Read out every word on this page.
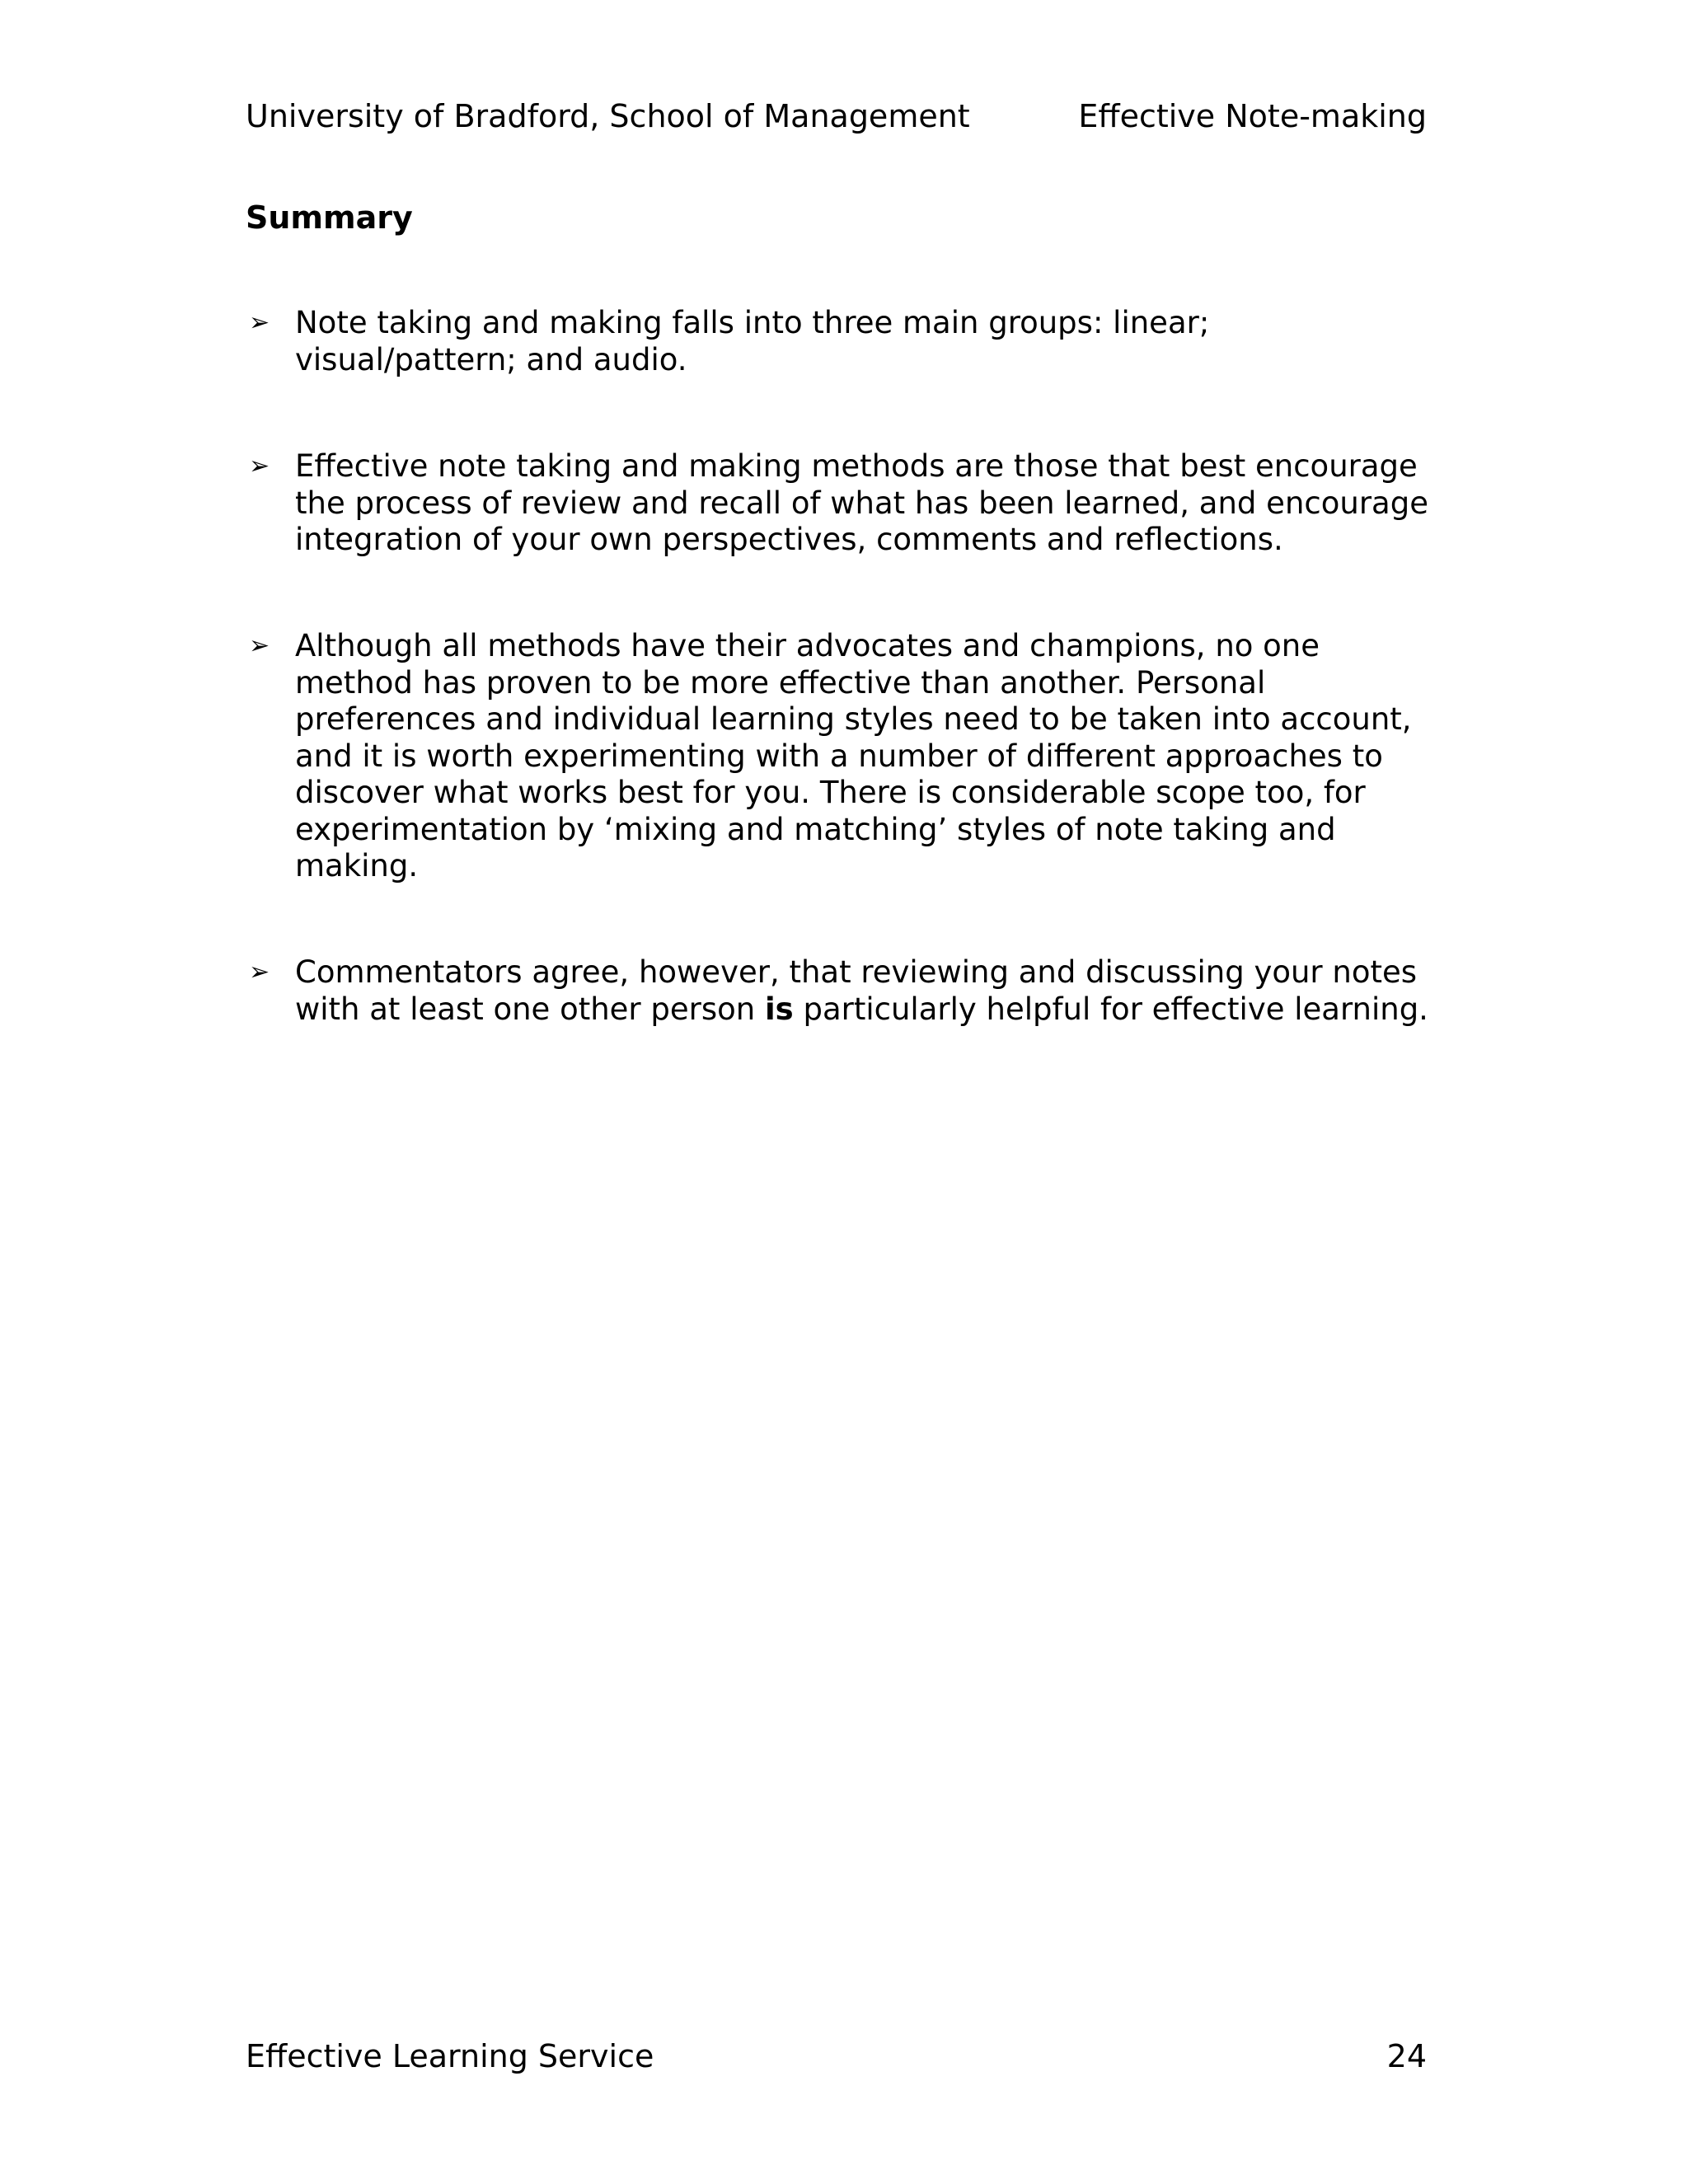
University of Bradford, School of Management	Effective Note-making
Summary
➢ Note taking and making falls into three main groups: linear;
visual/pattern; and audio.
➢ Effective note taking and making methods are those that best encourage
the process of review and recall of what has been learned, and encourage
integration of your own perspectives, comments and reflections.
➢ Although all methods have their advocates and champions, no one
method has proven to be more effective than another. Personal
preferences and individual learning styles need to be taken into account,
and it is worth experimenting with a number of different approaches to
discover what works best for you. There is considerable scope too, for
experimentation by ‘mixing and matching’ styles of note taking and
making.
➢ Commentators agree, however, that reviewing and discussing your notes
with at least one other person is particularly helpful for effective learning.
Effective Learning Service	24
